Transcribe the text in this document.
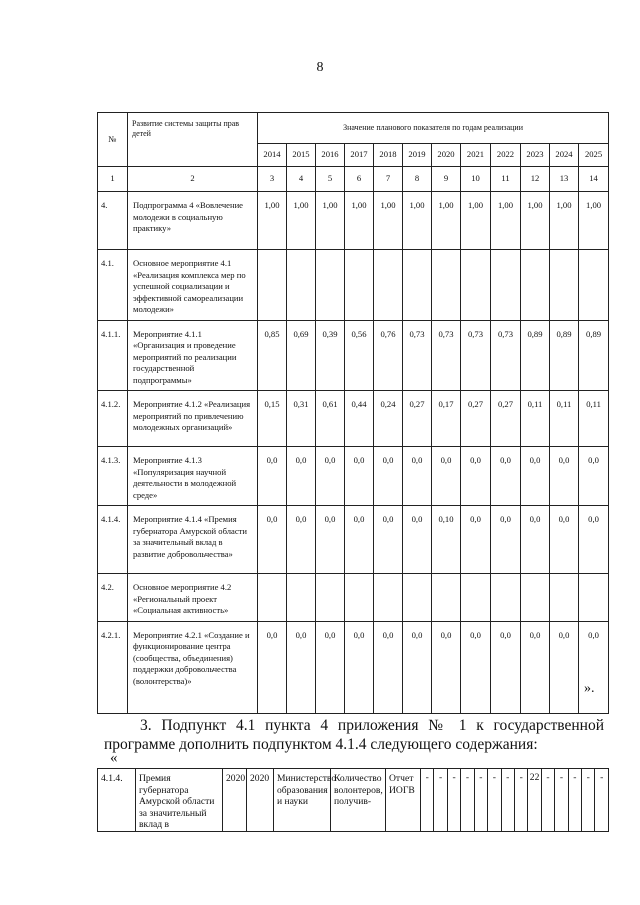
8
№	Развитие системы защиты прав детей	Значение планового показателя по годам реализации											
		2014	2015	2016	2017	2018	2019	2020	2021	2022	2023	2024	2025
1	2	3	4	5	6	7	8	9	10	11	12	13	14
4.	Подпрограмма 4 «Вовлечение молодежи в социальную практику»	1,00	1,00	1,00	1,00	1,00	1,00	1,00	1,00	1,00	1,00	1,00	1,00
4.1.	Основное мероприятие 4.1 «Реализация комплекса мер по успешной социализации и эффективной самореализации молодежи»												
4.1.1.	Мероприятие 4.1.1 «Организация и проведение мероприятий по реализации государственной подпрограммы»	0,85	0,69	0,39	0,56	0,76	0,73	0,73	0,73	0,73	0,89	0,89	0,89
4.1.2.	Мероприятие 4.1.2 «Реализация мероприятий по привлечению молодежных организаций»	0,15	0,31	0,61	0,44	0,24	0,27	0,17	0,27	0,27	0,11	0,11	0,11
4.1.3.	Мероприятие 4.1.3 «Популяризация научной деятельности в молодежной среде»	0,0	0,0	0,0	0,0	0,0	0,0	0,0	0,0	0,0	0,0	0,0	0,0
4.1.4.	Мероприятие 4.1.4 «Премия губернатора Амурской области за значительный вклад в развитие добровольчества»	0,0	0,0	0,0	0,0	0,0	0,0	0,10	0,0	0,0	0,0	0,0	0,0
4.2.	Основное мероприятие 4.2 «Региональный проект «Социальная активность»												
4.2.1.	Мероприятие 4.2.1 «Создание и функционирование центра (сообщества, объединения) поддержки добровольчества (волонтерства)»	0,0	0,0	0,0	0,0	0,0	0,0	0,0	0,0	0,0	0,0	0,0	0,0
».
3. Подпункт 4.1 пункта 4 приложения № 1 к государственной программе дополнить подпунктом 4.1.4 следующего содержания:
«
4.1.4.	Премия губернатора Амурской области за значительный вклад в	2020	2020	Министерство образования и науки	Количество волонтеров, получив-	Отчет ИОГВ	-	-	-	-	-	-	-	-	22	-	-	-	-	-
